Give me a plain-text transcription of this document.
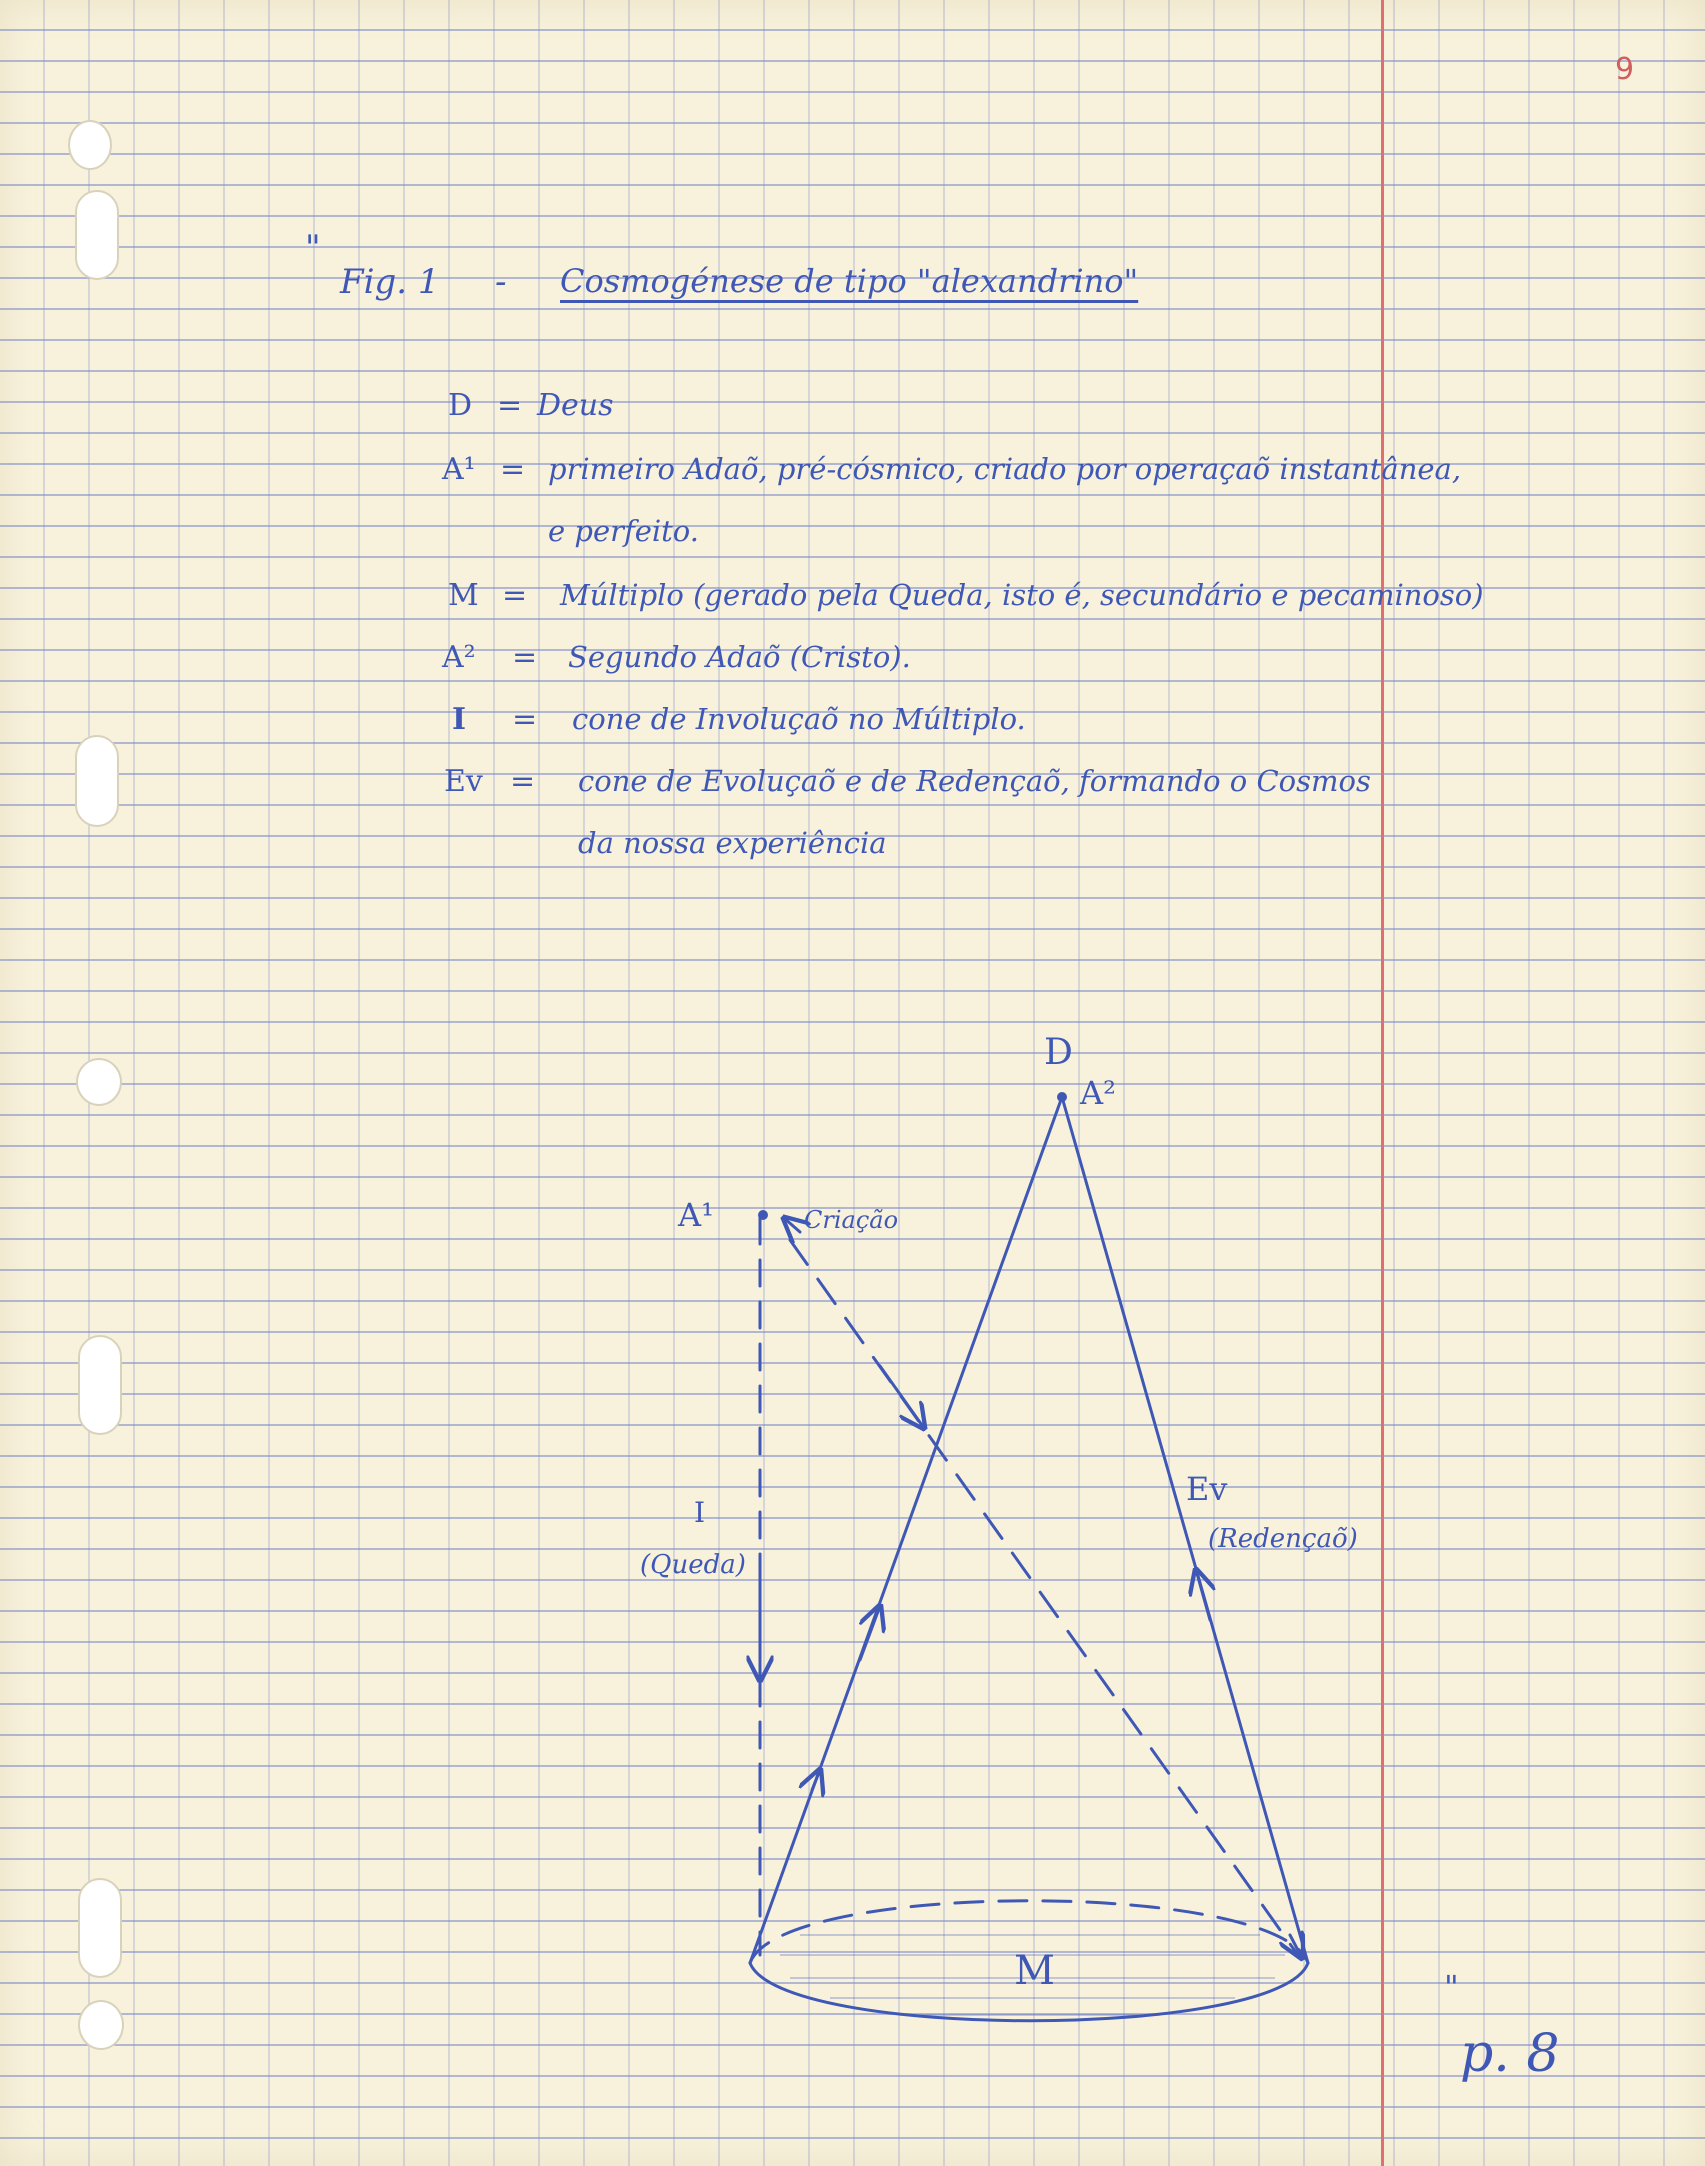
9
"
Fig. 1 - Cosmogénese de tipo "alexandrino"
D = Deus
A¹ = primeiro Adaõ, pré-cósmico, criado por operaçaõ instantânea,
e perfeito.
M = Múltiplo (gerado pela Queda, isto é, secundário e pecaminoso)
A² = Segundo Adaõ (Cristo).
I = cone de Involuçaõ no Múltiplo.
Ev = cone de Evoluçaõ e de Redençaõ, formando o Cosmos
da nossa experiência
D
A²
A¹	Criação
I
(Queda)
Ev
(Redençaõ)
M	"
p. 8
